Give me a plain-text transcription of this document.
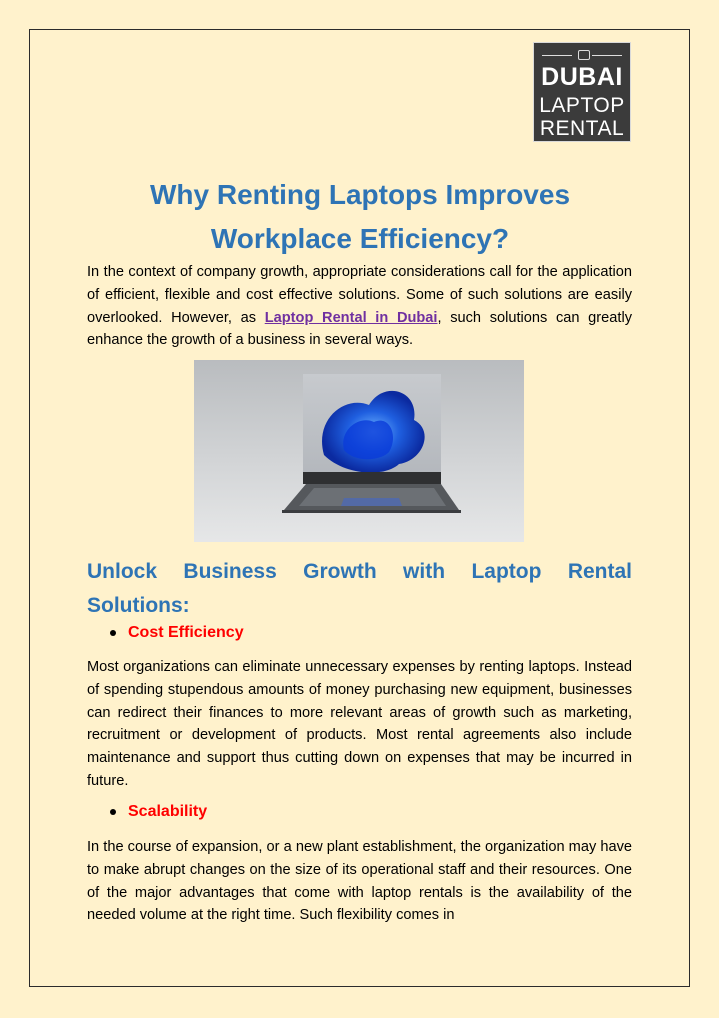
DUBAI
LAPTOP
RENTAL
Why Renting Laptops Improves
Workplace Efficiency?
In the context of company growth, appropriate considerations call for the application of efficient, flexible and cost effective solutions. Some of such solutions are easily overlooked. However, as Laptop Rental in Dubai, such solutions can greatly enhance the growth of a business in several ways.
Unlock Business Growth with Laptop Rental Solutions:
Cost Efficiency
Most organizations can eliminate unnecessary expenses by renting laptops. Instead of spending stupendous amounts of money purchasing new equipment, businesses can redirect their finances to more relevant areas of growth such as marketing, recruitment or development of products. Most rental agreements also include maintenance and support thus cutting down on expenses that may be incurred in future.
Scalability
In the course of expansion, or a new plant establishment, the organization may have to make abrupt changes on the size of its operational staff and their resources. One of the major advantages that come with laptop rentals is the availability of the needed volume at the right time. Such flexibility comes in
